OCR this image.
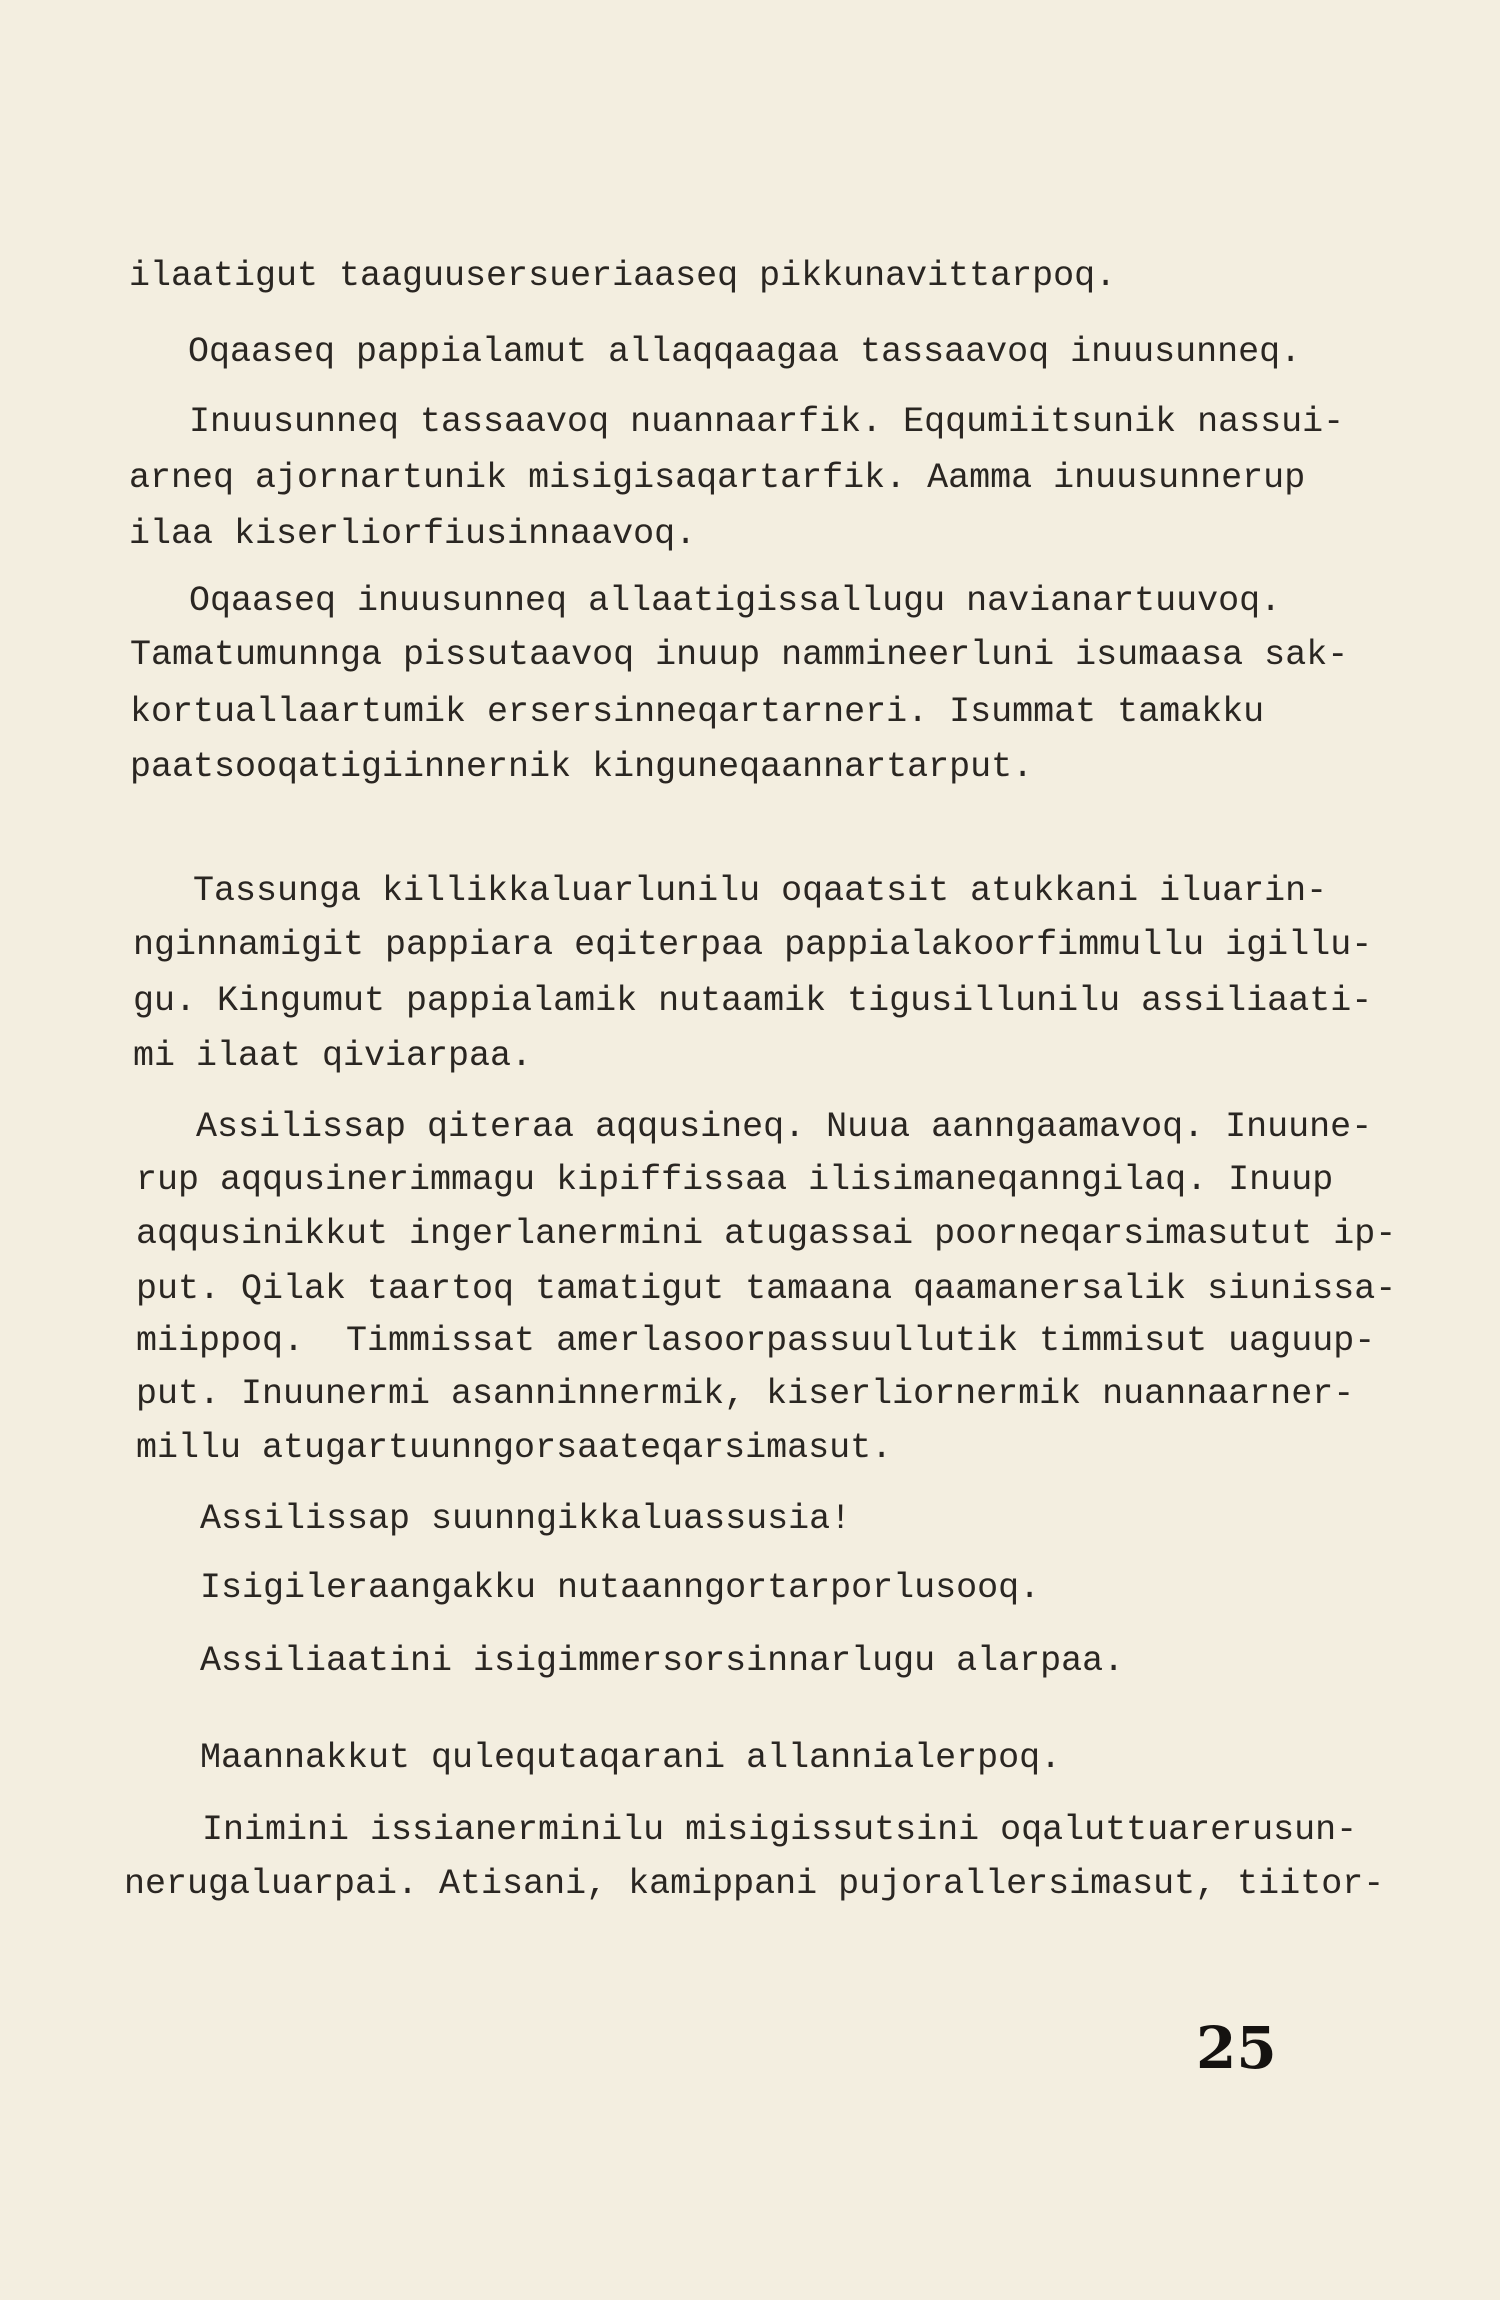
ilaatigut taaguusersueriaaseq pikkunavittarpoq.
Oqaaseq pappialamut allaqqaagaa tassaavoq inuusunneq.
Inuusunneq tassaavoq nuannaarfik. Eqqumiitsunik nassui-
arneq ajornartunik misigisaqartarfik. Aamma inuusunnerup
ilaa kiserliorfiusinnaavoq.
Oqaaseq inuusunneq allaatigissallugu navianartuuvoq.
Tamatumunnga pissutaavoq inuup nammineerluni isumaasa sak-
kortuallaartumik ersersinneqartarneri. Isummat tamakku
paatsooqatigiinnernik kinguneqaannartarput.
Tassunga killikkaluarlunilu oqaatsit atukkani iluarin-
nginnamigit pappiara eqiterpaa pappialakoorfimmullu igillu-
gu. Kingumut pappialamik nutaamik tigusillunilu assiliaati-
mi ilaat qiviarpaa.
Assilissap qiteraa aqqusineq. Nuua aanngaamavoq. Inuune-
rup aqqusinerimmagu kipiffissaa ilisimaneqanngilaq. Inuup
aqqusinikkut ingerlanermini atugassai poorneqarsimasutut ip-
put. Qilak taartoq tamatigut tamaana qaamanersalik siunissa-
miippoq.  Timmissat amerlasoorpassuullutik timmisut uaguup-
put. Inuunermi asanninnermik, kiserliornermik nuannaarner-
millu atugartuunngorsaateqarsimasut.
Assilissap suunngikkaluassusia!
Isigileraangakku nutaanngortarporlusooq.
Assiliaatini isigimmersorsinnarlugu alarpaa.
Maannakkut qulequtaqarani allannialerpoq.
Inimini issianerminilu misigissutsini oqaluttuarerusun-
nerugaluarpai. Atisani, kamippani pujorallersimasut, tiitor-
25
